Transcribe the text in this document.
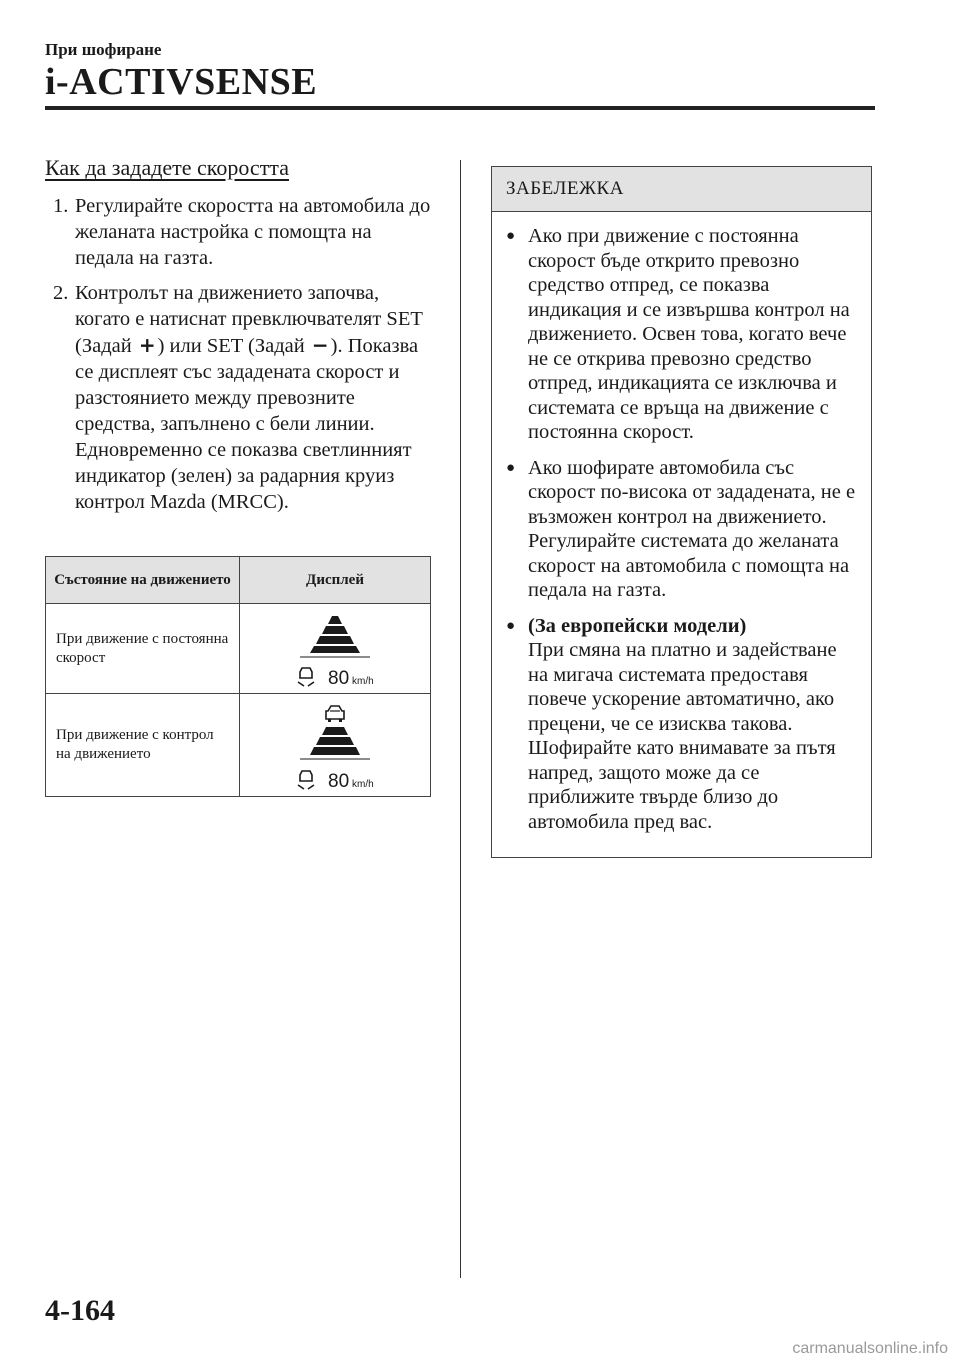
При шофиране
i-ACTIVSENSE
Как да зададете скоростта
1. Регулирайте скоростта на автомобила до желаната настройка с помощта на педала на газта.
2. Контролът на движението започва, когато е натиснат превключвателят SET (Задай +) или SET (Задай −). Показва се дисплеят със зададената скорост и разстоянието между превозните средства, запълнено с бели линии. Едновременно се показва светлинният индикатор (зелен) за радарния круиз контрол Mazda (MRCC).
Състояние на движението	Дисплей
При движение с постоянна скорост	80 km/h

При движение с контрол на движението	80 km/h
ЗАБЕЛЕЖКА
● Ако при движение с постоянна скорост бъде открито превозно средство отпред, се показва индикация и се извършва контрол на движението. Освен това, когато вече не се открива превозно средство отпред, индикацията се изключва и системата се връща на движение с постоянна скорост.
● Ако шофирате автомобила със скорост по-висока от зададената, не е възможен контрол на движението. Регулирайте системата до желаната скорост на автомобила с помощта на педала на газта.
● (За европейски модели)
При смяна на платно и задействане на мигача системата предоставя повече ускорение автоматично, ако прецени, че се изисква такова. Шофирайте като внимавате за пътя напред, защото може да се приближите твърде близо до автомобила пред вас.
4-164
carmanualsonline.info
